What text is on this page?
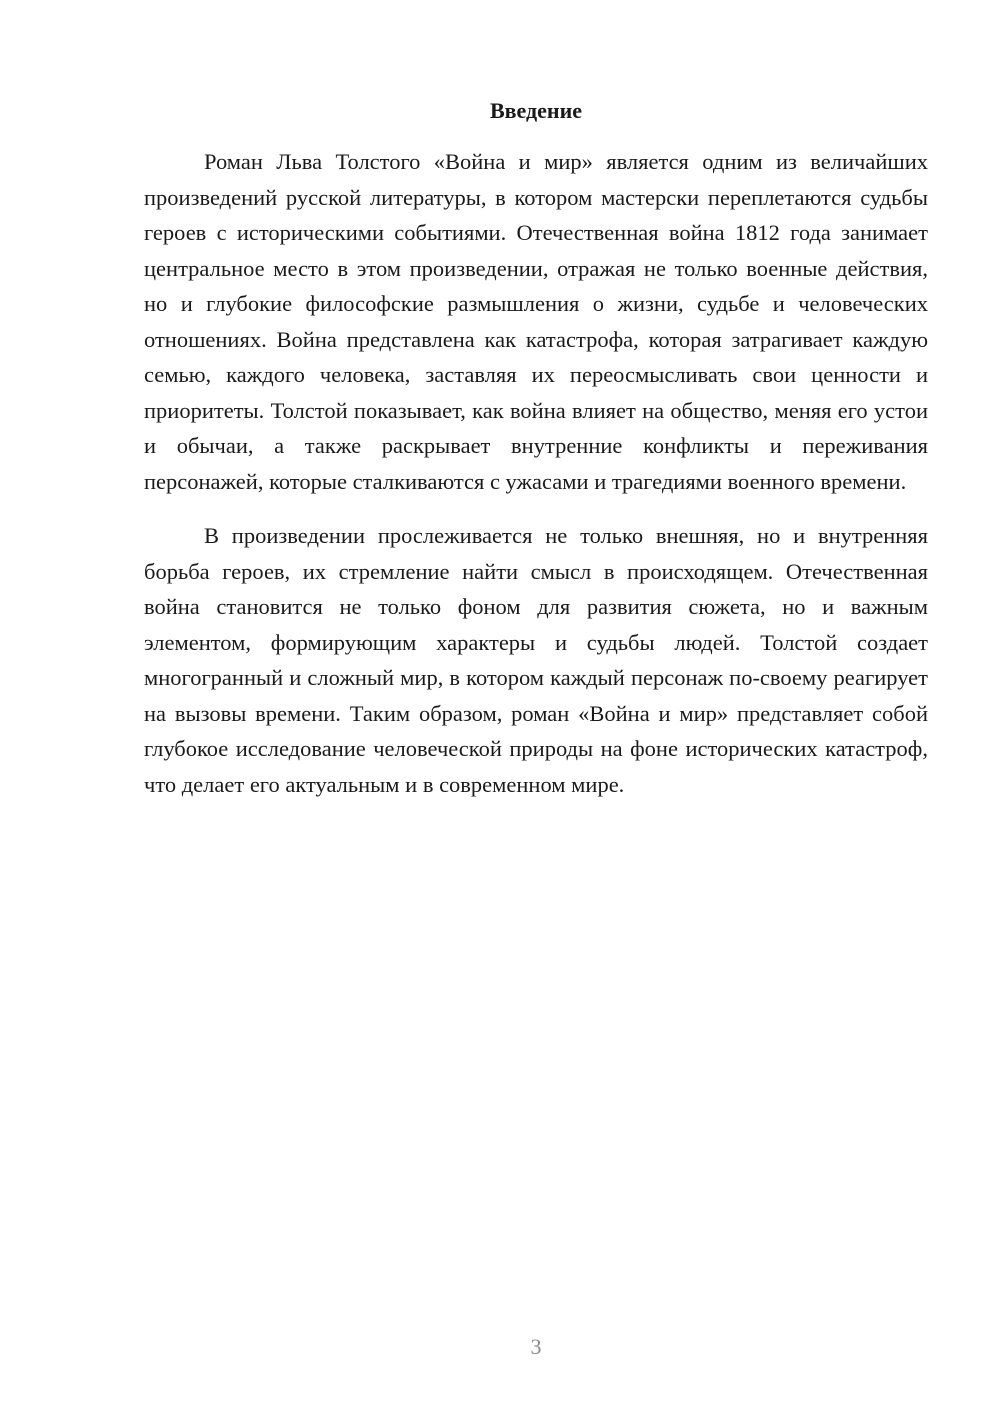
Введение

Роман Льва Толстого «Война и мир» является одним из величайших произведений русской литературы, в котором мастерски переплетаются судьбы героев с историческими событиями. Отечественная война 1812 года занимает центральное место в этом произведении, отражая не только военные действия, но и глубокие философские размышления о жизни, судьбе и человеческих отношениях. Война представлена как катастрофа, которая затрагивает каждую семью, каждого человека, заставляя их переосмысливать свои ценности и приоритеты. Толстой показывает, как война влияет на общество, меняя его устои и обычаи, а также раскрывает внутренние конфликты и переживания персонажей, которые сталкиваются с ужасами и трагедиями военного времени.

В произведении прослеживается не только внешняя, но и внутренняя борьба героев, их стремление найти смысл в происходящем. Отечественная война становится не только фоном для развития сюжета, но и важным элементом, формирующим характеры и судьбы людей. Толстой создает многогранный и сложный мир, в котором каждый персонаж по-своему реагирует на вызовы времени. Таким образом, роман «Война и мир» представляет собой глубокое исследование человеческой природы на фоне исторических катастроф, что делает его актуальным и в современном мире.

3
